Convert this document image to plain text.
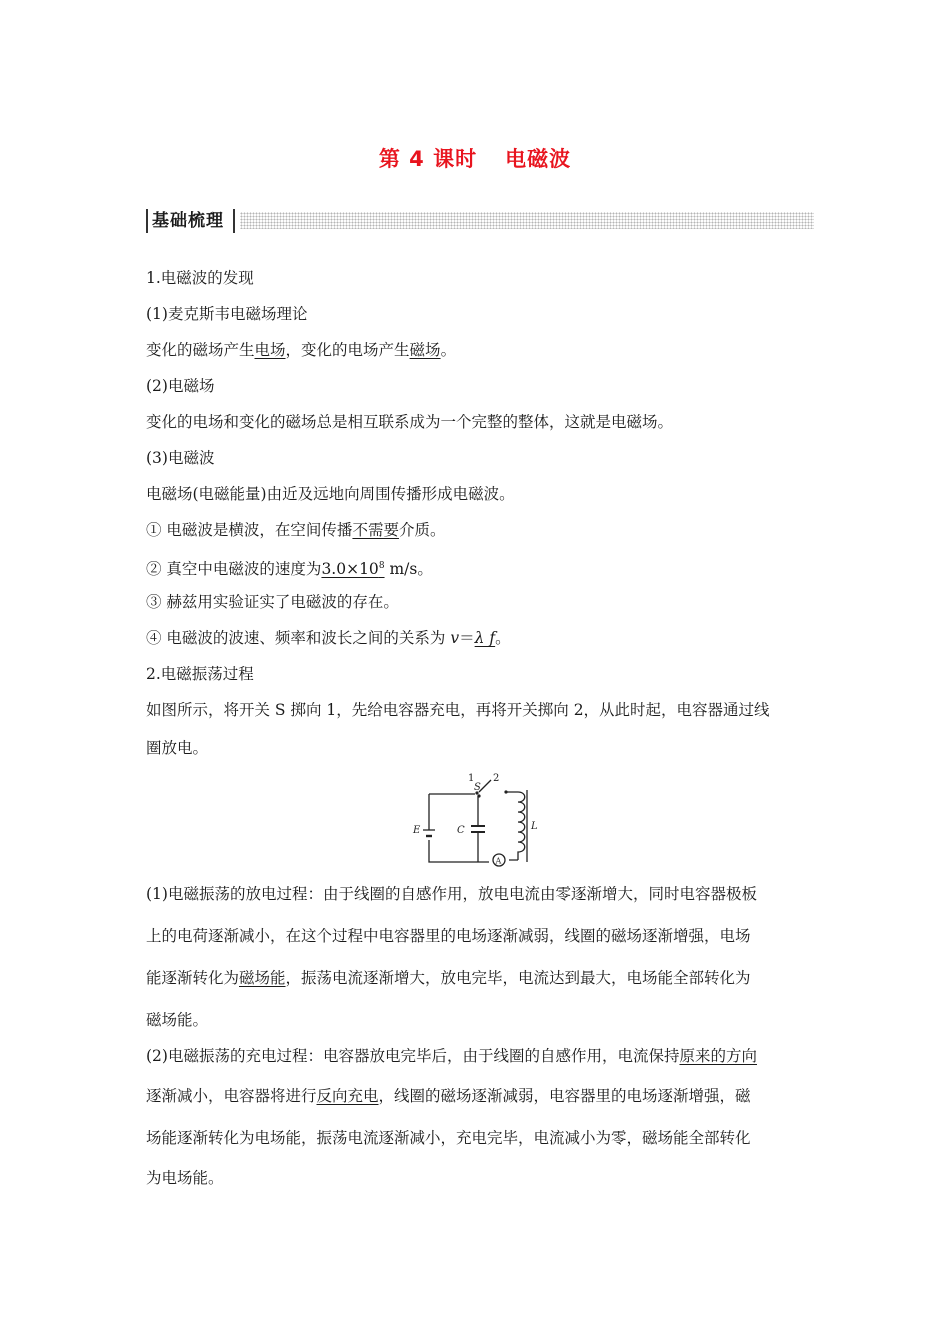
第 4 课时 电磁波
基础梳理
1.电磁波的发现
(1)麦克斯韦电磁场理论
变化的磁场产生电场，变化的电场产生磁场。
(2)电磁场
变化的电场和变化的磁场总是相互联系成为一个完整的整体，这就是电磁场。
(3)电磁波
电磁场(电磁能量)由近及远地向周围传播形成电磁波。
① 电磁波是横波，在空间传播不需要介质。
② 真空中电磁波的速度为$3.0\times 10^8$ m/s。
③ 赫兹用实验证实了电磁波的存在。
④ 电磁波的波速、频率和波长之间的关系为 v＝λ f。
2.电磁振荡过程
如图所示，将开关 S 掷向 1，先给电容器充电，再将开关掷向 2，从此时起，电容器通过线
圈放电。
(1)电磁振荡的放电过程：由于线圈的自感作用，放电电流由零逐渐增大，同时电容器极板
上的电荷逐渐减小，在这个过程中电容器里的电场逐渐减弱，线圈的磁场逐渐增强，电场
能逐渐转化为磁场能，振荡电流逐渐增大，放电完毕，电流达到最大，电场能全部转化为
磁场能。
(2)电磁振荡的充电过程：电容器放电完毕后，由于线圈的自感作用，电流保持原来的方向
逐渐减小，电容器将进行反向充电，线圈的磁场逐渐减弱，电容器里的电场逐渐增强，磁
场能逐渐转化为电场能，振荡电流逐渐减小，充电完毕，电流减小为零，磁场能全部转化
为电场能。
1 2
S
E	C	L
A
